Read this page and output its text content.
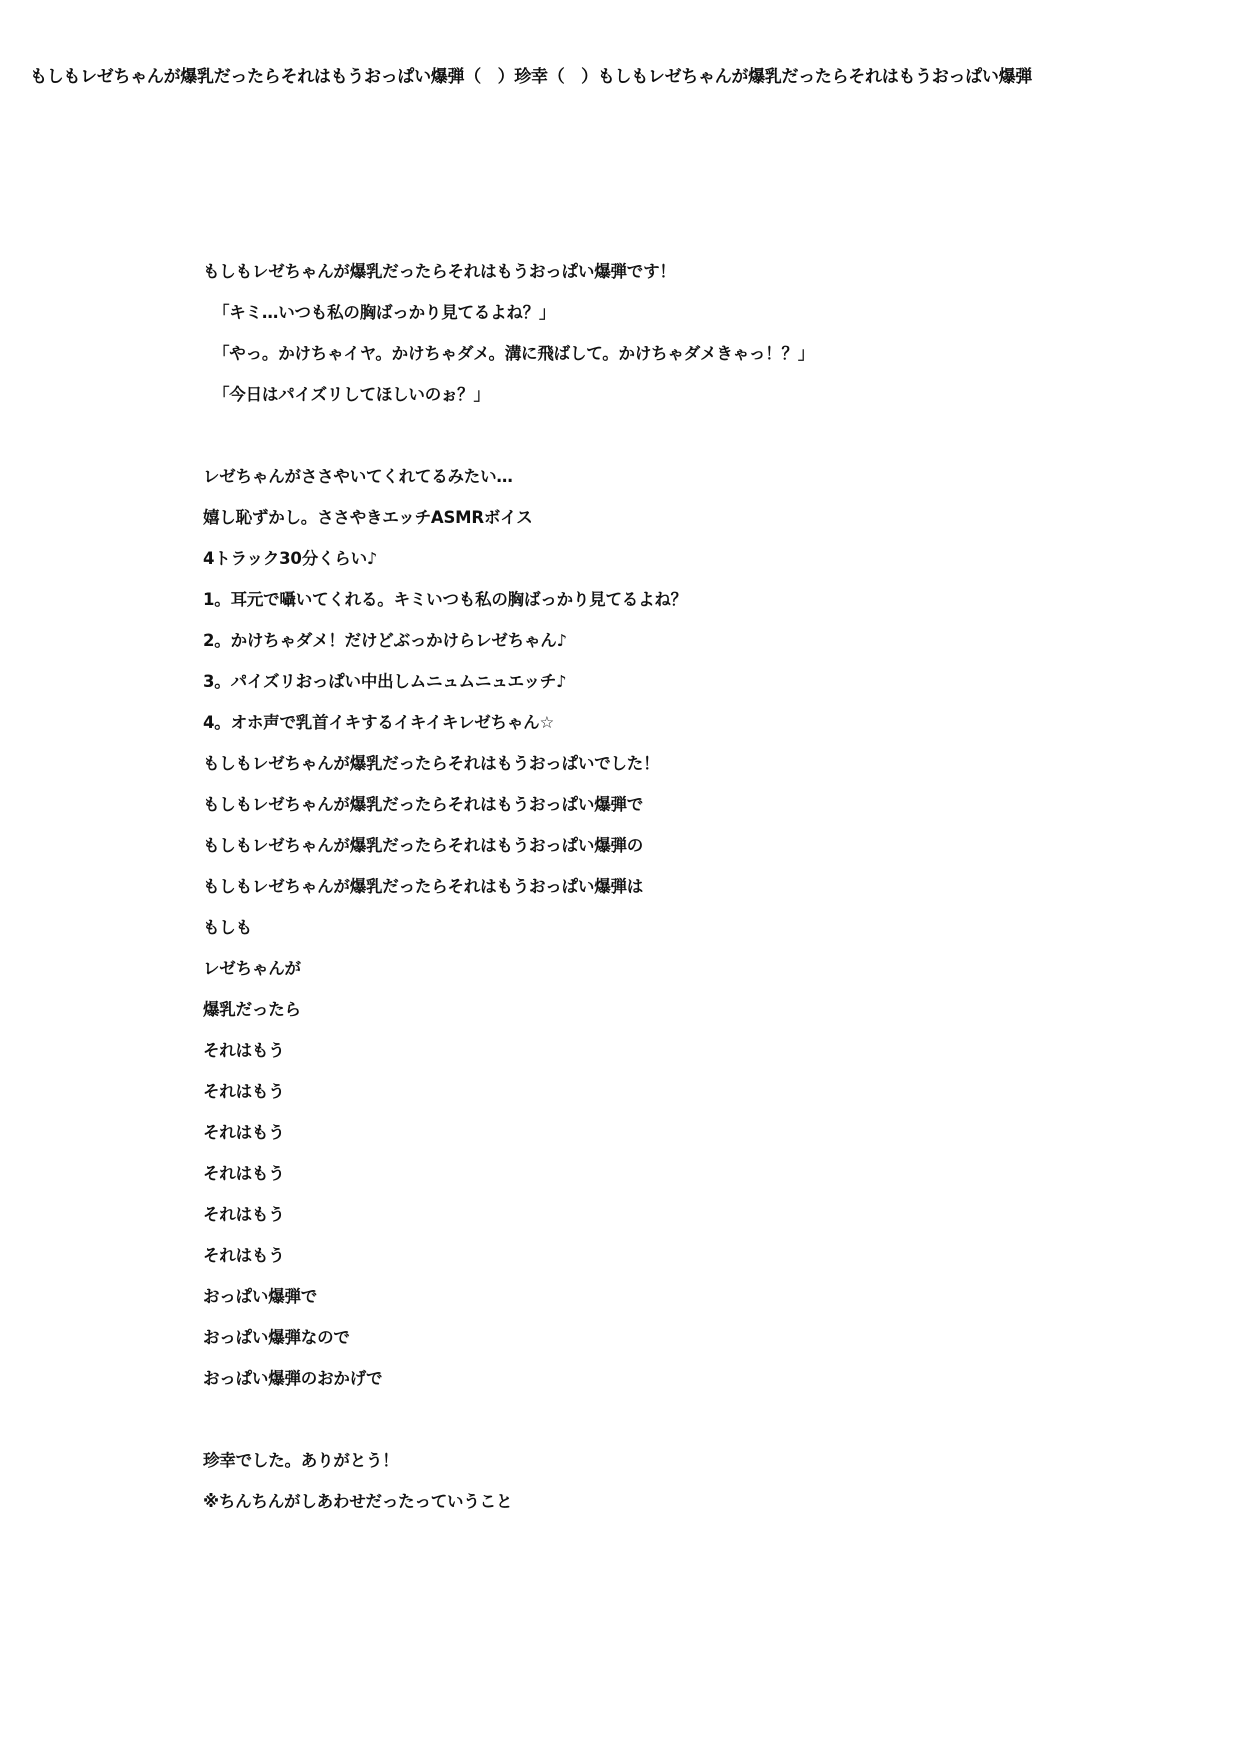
もしもレゼちゃんが爆乳だったらそれはもうおっぱい爆弾（　）珍幸（　）もしもレゼちゃんが爆乳だったらそれはもうおっぱい爆弾
もしもレゼちゃんが爆乳だったらそれはもうおっぱい爆弾です！
「キミ…いつも私の胸ばっかり見てるよね？」
「やっ。かけちゃイヤ。かけちゃダメ。溝に飛ばして。かけちゃダメきゃっ！？」
「今日はパイズリしてほしいのぉ？」
レゼちゃんがささやいてくれてるみたい…
嬉し恥ずかし。ささやきエッチASMRボイス
4トラック30分くらい♪
1。耳元で囁いてくれる。キミいつも私の胸ばっかり見てるよね？
2。かけちゃダメ！だけどぶっかけらレゼちゃん♪
3。パイズリおっぱい中出しムニュムニュエッチ♪
4。オホ声で乳首イキするイキイキレゼちゃん☆
もしもレゼちゃんが爆乳だったらそれはもうおっぱいでした！
もしもレゼちゃんが爆乳だったらそれはもうおっぱい爆弾で
もしもレゼちゃんが爆乳だったらそれはもうおっぱい爆弾の
もしもレゼちゃんが爆乳だったらそれはもうおっぱい爆弾は
もしも
レゼちゃんが
爆乳だったら
それはもう
それはもう
それはもう
それはもう
それはもう
それはもう
おっぱい爆弾で
おっぱい爆弾なので
おっぱい爆弾のおかげで
珍幸でした。ありがとう！
※ちんちんがしあわせだったっていうこと
